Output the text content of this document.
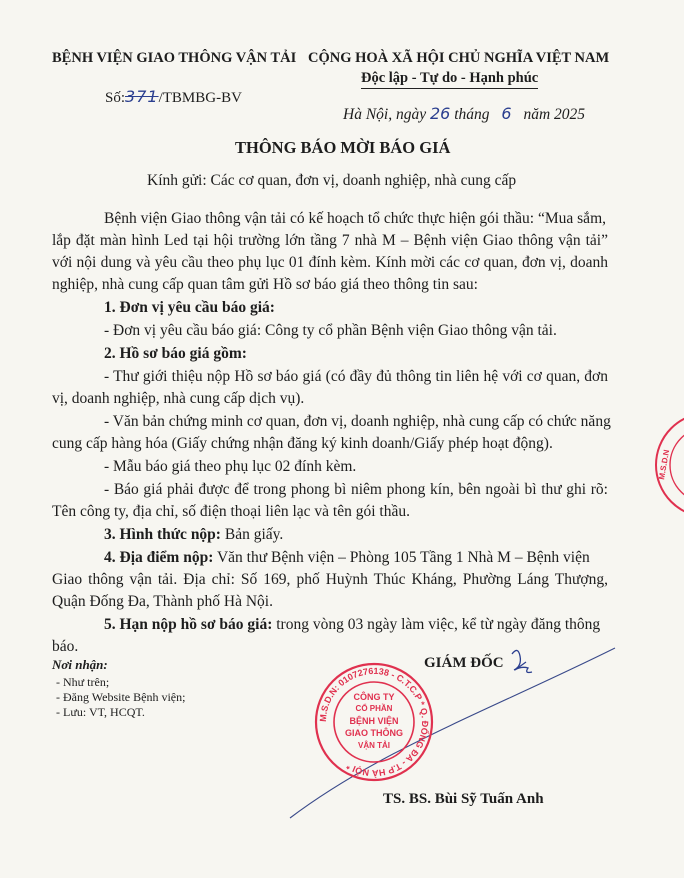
BỆNH VIỆN GIAO THÔNG VẬN TẢI
Số:371/TBMBG-BV
CỘNG HOÀ XÃ HỘI CHỦ NGHĨA VIỆT NAM
Độc lập - Tự do - Hạnh phúc
Hà Nội, ngày 26 tháng 6 năm 2025
THÔNG BÁO MỜI BÁO GIÁ
Kính gửi: Các cơ quan, đơn vị, doanh nghiệp, nhà cung cấp
Bệnh viện Giao thông vận tải có kế hoạch tổ chức thực hiện gói thầu: “Mua sắm,
lắp đặt màn hình Led tại hội trường lớn tầng 7 nhà M – Bệnh viện Giao thông vận tải”
với nội dung và yêu cầu theo phụ lục 01 đính kèm. Kính mời các cơ quan, đơn vị, doanh
nghiệp, nhà cung cấp quan tâm gửi Hồ sơ báo giá theo thông tin sau:
1. Đơn vị yêu cầu báo giá:
- Đơn vị yêu cầu báo giá: Công ty cổ phần Bệnh viện Giao thông vận tải.
2. Hồ sơ báo giá gồm:
- Thư giới thiệu nộp Hồ sơ báo giá (có đầy đủ thông tin liên hệ với cơ quan, đơn
vị, doanh nghiệp, nhà cung cấp dịch vụ).
- Văn bản chứng minh cơ quan, đơn vị, doanh nghiệp, nhà cung cấp có chức năng
cung cấp hàng hóa (Giấy chứng nhận đăng ký kinh doanh/Giấy phép hoạt động).
- Mẫu báo giá theo phụ lục 02 đính kèm.
- Báo giá phải được để trong phong bì niêm phong kín, bên ngoài bì thư ghi rõ:
Tên công ty, địa chỉ, số điện thoại liên lạc và tên gói thầu.
3. Hình thức nộp: Bản giấy.
4. Địa điểm nộp: Văn thư Bệnh viện – Phòng 105 Tầng 1 Nhà M – Bệnh viện
Giao thông vận tải. Địa chỉ: Số 169, phố Huỳnh Thúc Kháng, Phường Láng Thượng,
Quận Đống Đa, Thành phố Hà Nội.
5. Hạn nộp hồ sơ báo giá: trong vòng 03 ngày làm việc, kể từ ngày đăng thông
báo.
Nơi nhận:
- Như trên;
- Đăng Website Bệnh viện;
- Lưu: VT, HCQT.
GIÁM ĐỐC
M.S.D.N: 0107276138 - C.T.C.P * Q. ĐỐNG ĐA - T.P HÀ NỘI *
CÔNG TY
CỔ PHẦN
BỆNH VIỆN
GIAO THÔNG
VẬN TẢI
M.S.D.N
TS. BS. Bùi Sỹ Tuấn Anh
